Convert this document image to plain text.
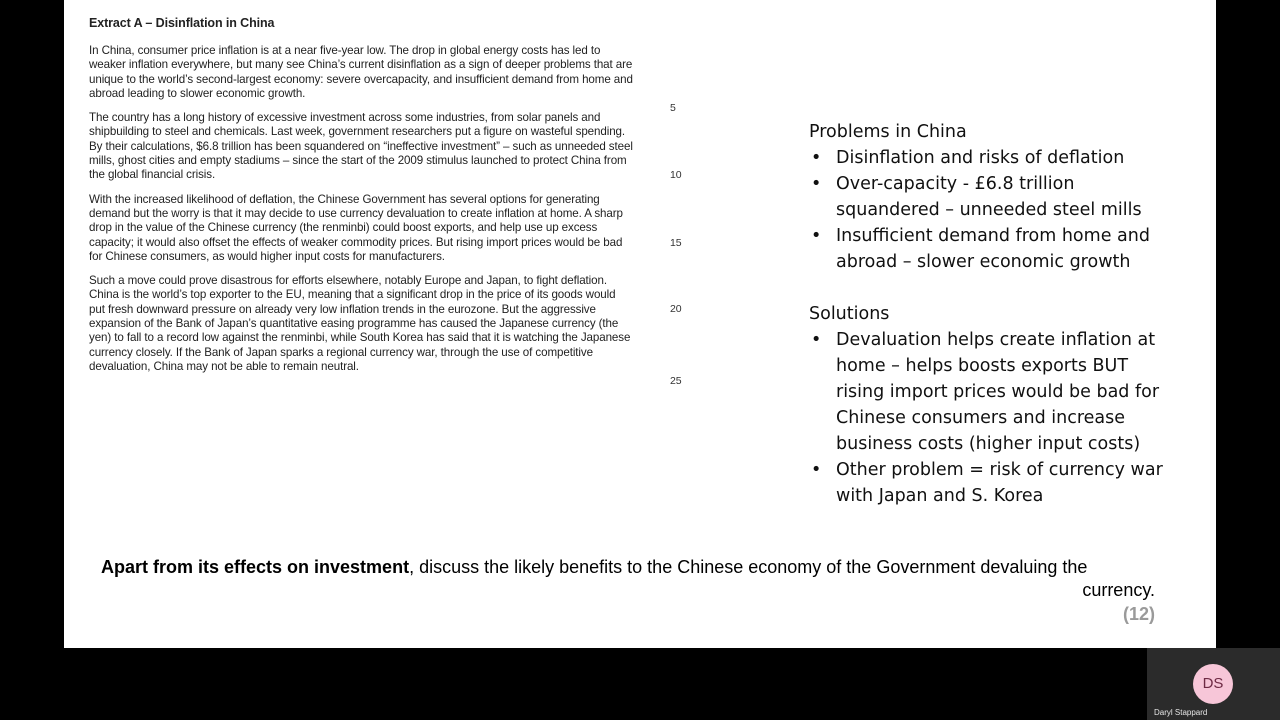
Extract A – Disinflation in China
In China, consumer price inflation is at a near five-year low. The drop in global energy costs has led to weaker inflation everywhere, but many see China’s current disinflation as a sign of deeper problems that are unique to the world’s second-largest economy: severe overcapacity, and insufficient demand from home and abroad leading to slower economic growth.
5
The country has a long history of excessive investment across some industries, from solar panels and shipbuilding to steel and chemicals. Last week, government researchers put a figure on wasteful spending. By their calculations, $6.8 trillion has been squandered on “ineffective investment” – such as unneeded steel mills, ghost cities and empty stadiums – since the start of the 2009 stimulus launched to protect China from the global financial crisis.	10
With the increased likelihood of deflation, the Chinese Government has several options for generating demand but the worry is that it may decide to use currency devaluation to create inflation at home. A sharp drop in the value of the Chinese currency (the renminbi) could boost exports, and help use up excess capacity; it would also offset the effects of weaker commodity prices. But rising import prices would be bad for Chinese consumers, as would higher input costs for manufacturers.
15
Such a move could prove disastrous for efforts elsewhere, notably Europe and Japan, to fight deflation. China is the world’s top exporter to the EU, meaning that a significant drop in the price of its goods would put fresh downward pressure on already very low inflation trends in the eurozone. But the aggressive expansion of the Bank of Japan’s quantitative easing programme has caused the Japanese currency (the yen) to fall to a record low against the renminbi, while South Korea has said that it is watching the Japanese currency closely. If the Bank of Japan sparks a regional currency war, through the use of competitive devaluation, China may not be able to remain neutral.
20
25
Problems in China
• Disinflation and risks of deflation
• Over-capacity - £6.8 trillion squandered – unneeded steel mills
• Insufficient demand from home and abroad – slower economic growth
Solutions
• Devaluation helps create inflation at home – helps boosts exports BUT rising import prices would be bad for Chinese consumers and increase business costs (higher input costs)
• Other problem = risk of currency war with Japan and S. Korea
Apart from its effects on investment, discuss the likely benefits to the Chinese economy of the Government devaluing the
currency.
(12)
DS
Daryl Stappard
